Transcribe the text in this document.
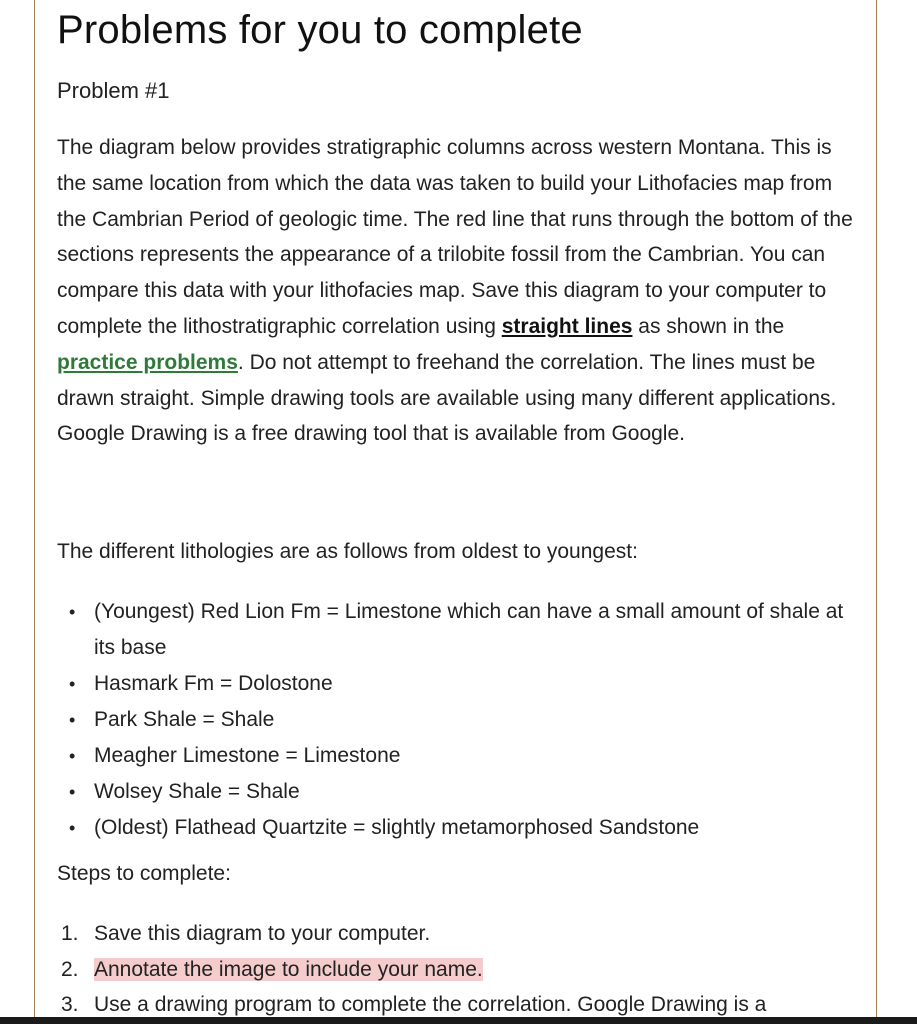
Problems for you to complete
Problem #1

The diagram below provides stratigraphic columns across western Montana. This is the same location from which the data was taken to build your Lithofacies map from the Cambrian Period of geologic time. The red line that runs through the bottom of the sections represents the appearance of a trilobite fossil from the Cambrian. You can compare this data with your lithofacies map. Save this diagram to your computer to complete the lithostratigraphic correlation using straight lines as shown in the practice problems. Do not attempt to freehand the correlation. The lines must be drawn straight. Simple drawing tools are available using many different applications. Google Drawing is a free drawing tool that is available from Google.

The different lithologies are as follows from oldest to youngest:

• (Youngest) Red Lion Fm = Limestone which can have a small amount of shale at its base
• Hasmark Fm = Dolostone
• Park Shale = Shale
• Meagher Limestone = Limestone
• Wolsey Shale = Shale
• (Oldest) Flathead Quartzite = slightly metamorphosed Sandstone

Steps to complete:

1. Save this diagram to your computer.
2. Annotate the image to include your name.
3. Use a drawing program to complete the correlation. Google Drawing is a
